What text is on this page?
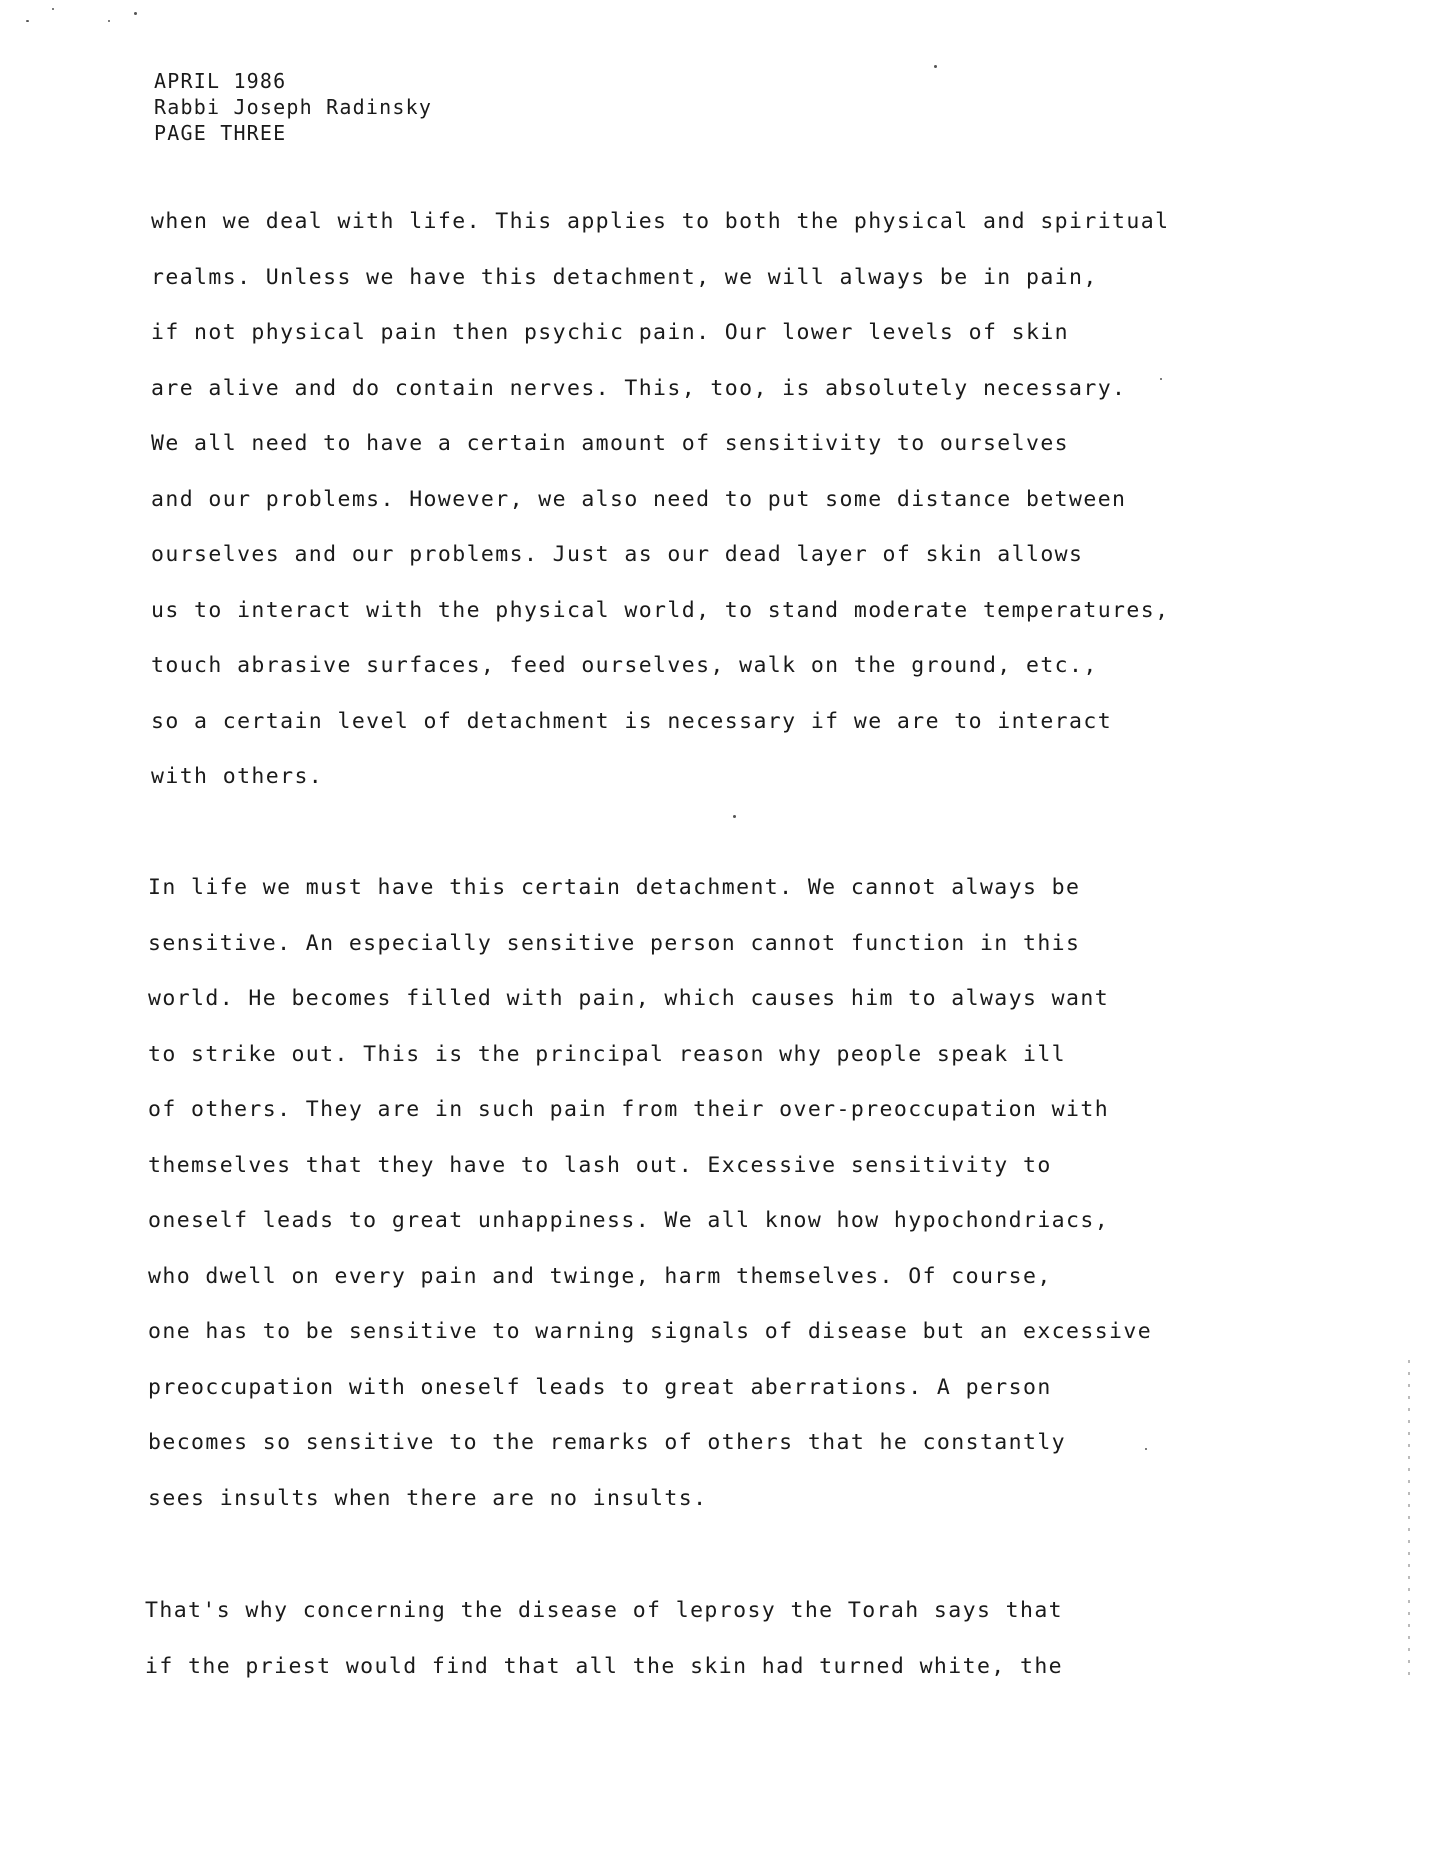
APRIL 1986
Rabbi Joseph Radinsky
PAGE THREE
when we deal with life. This applies to both the physical and spiritual
realms. Unless we have this detachment, we will always be in pain,
if not physical pain then psychic pain. Our lower levels of skin
are alive and do contain nerves. This, too, is absolutely necessary.
We all need to have a certain amount of sensitivity to ourselves
and our problems. However, we also need to put some distance between
ourselves and our problems. Just as our dead layer of skin allows
us to interact with the physical world, to stand moderate temperatures,
touch abrasive surfaces, feed ourselves, walk on the ground, etc.,
so a certain level of detachment is necessary if we are to interact
with others.
In life we must have this certain detachment. We cannot always be
sensitive. An especially sensitive person cannot function in this
world. He becomes filled with pain, which causes him to always want
to strike out. This is the principal reason why people speak ill
of others. They are in such pain from their over-preoccupation with
themselves that they have to lash out. Excessive sensitivity to
oneself leads to great unhappiness. We all know how hypochondriacs,
who dwell on every pain and twinge, harm themselves. Of course,
one has to be sensitive to warning signals of disease but an excessive
preoccupation with oneself leads to great aberrations. A person
becomes so sensitive to the remarks of others that he constantly
sees insults when there are no insults.
That's why concerning the disease of leprosy the Torah says that
if the priest would find that all the skin had turned white, the
